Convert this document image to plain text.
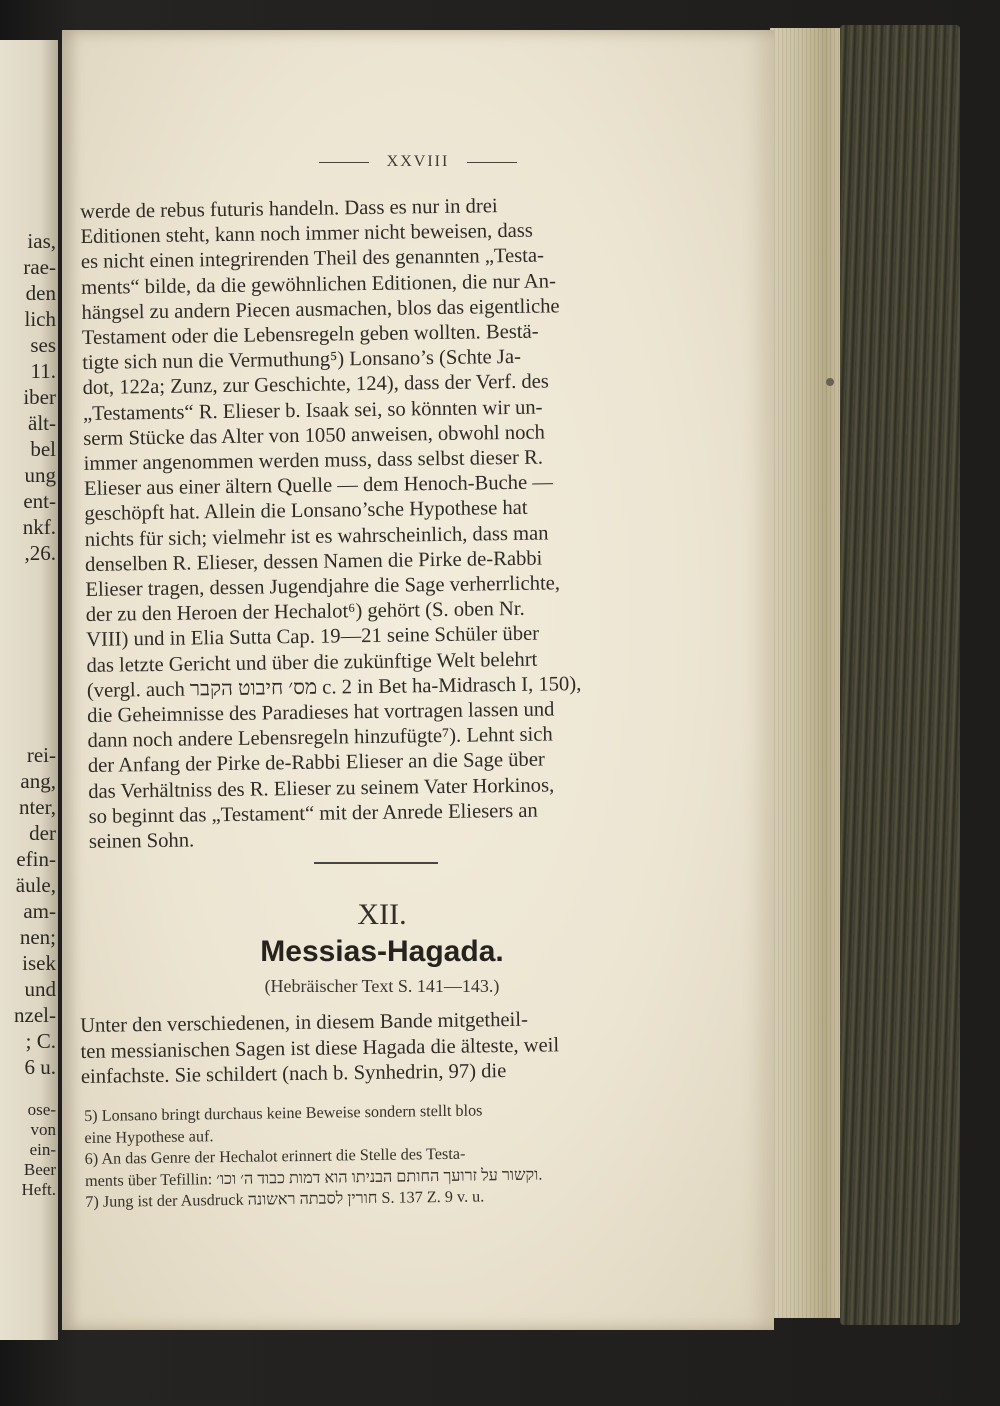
ias,
rae-
den
lich
ses
11.
iber
ält-
bel
ung
ent-
nkf.
,26.
rei-
ang,
nter,
der
efin-
äule,
am-
nen;
isek
und
nzel-
; C.
6 u.
ose-
von
ein-
Beer
Heft.
XXVIII
werde de rebus futuris handeln. Dass es nur in drei
Editionen steht, kann noch immer nicht beweisen, dass
es nicht einen integrirenden Theil des genannten „Testa-
ments“ bilde, da die gewöhnlichen Editionen, die nur An-
hängsel zu andern Piecen ausmachen, blos das eigentliche
Testament oder die Lebensregeln geben wollten. Bestä-
tigte sich nun die Vermuthung⁵) Lonsano’s (Schte Ja-
dot, 122a; Zunz, zur Geschichte, 124), dass der Verf. des
„Testaments“ R. Elieser b. Isaak sei, so könnten wir un-
serm Stücke das Alter von 1050 anweisen, obwohl noch
immer angenommen werden muss, dass selbst dieser R.
Elieser aus einer ältern Quelle — dem Henoch-Buche —
geschöpft hat. Allein die Lonsano’sche Hypothese hat
nichts für sich; vielmehr ist es wahrscheinlich, dass man
denselben R. Elieser, dessen Namen die Pirke de-Rabbi
Elieser tragen, dessen Jugendjahre die Sage verherrlichte,
der zu den Heroen der Hechalot⁶) gehört (S. oben Nr.
VIII) und in Elia Sutta Cap. 19—21 seine Schüler über
das letzte Gericht und über die zukünftige Welt belehrt
(vergl. auch מס׳ חיבוט הקבר c. 2 in Bet ha-Midrasch I, 150),
die Geheimnisse des Paradieses hat vortragen lassen und
dann noch andere Lebensregeln hinzufügte⁷). Lehnt sich
der Anfang der Pirke de-Rabbi Elieser an die Sage über
das Verhältniss des R. Elieser zu seinem Vater Horkinos,
so beginnt das „Testament“ mit der Anrede Eliesers an
seinen Sohn.
XII.
Messias-Hagada.
(Hebräischer Text S. 141—143.)
Unter den verschiedenen, in diesem Bande mitgetheil-
ten messianischen Sagen ist diese Hagada die älteste, weil
einfachste. Sie schildert (nach b. Synhedrin, 97) die
5) Lonsano bringt durchaus keine Beweise sondern stellt blos
eine Hypothese auf.
6) An das Genre der Hechalot erinnert die Stelle des Testa-
ments über Tefillin: וקשור על זרועך החותם הבניתו הוא דמות כבוד ה׳ וכו׳.
7) Jung ist der Ausdruck חורין לסבתה ראשונה S. 137 Z. 9 v. u.
